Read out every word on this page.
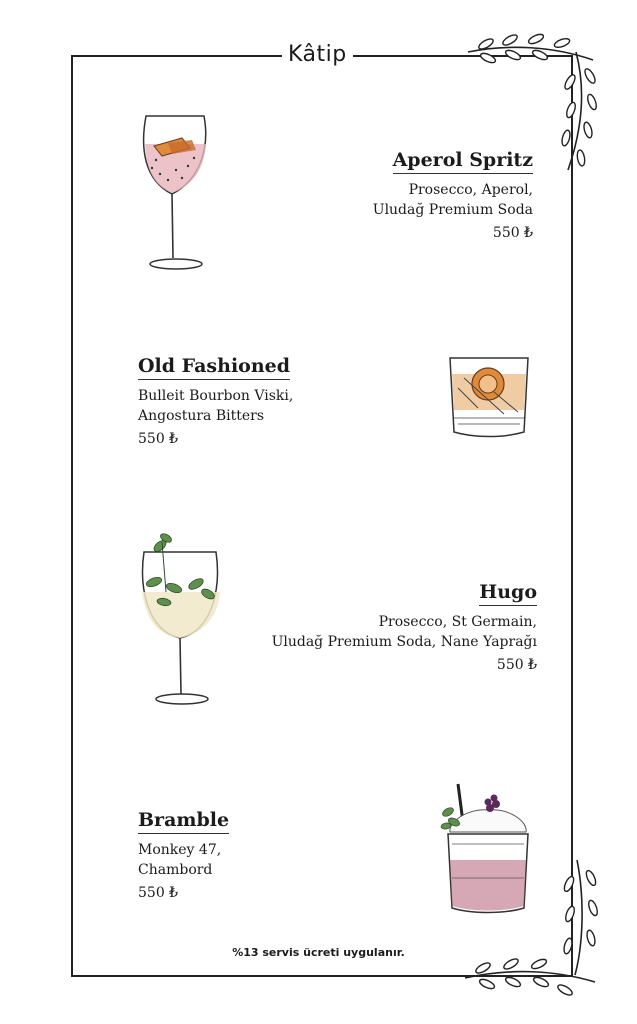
Kâtip
Aperol Spritz
Prosecco, Aperol,
Uludağ Premium Soda
550 ₺
Old Fashioned
Bulleit Bourbon Viski,
Angostura Bitters
550 ₺
Hugo
Prosecco, St Germain,
Uludağ Premium Soda, Nane Yaprağı
550 ₺
Bramble
Monkey 47,
Chambord
550 ₺
%13 servis ücreti uygulanır.
